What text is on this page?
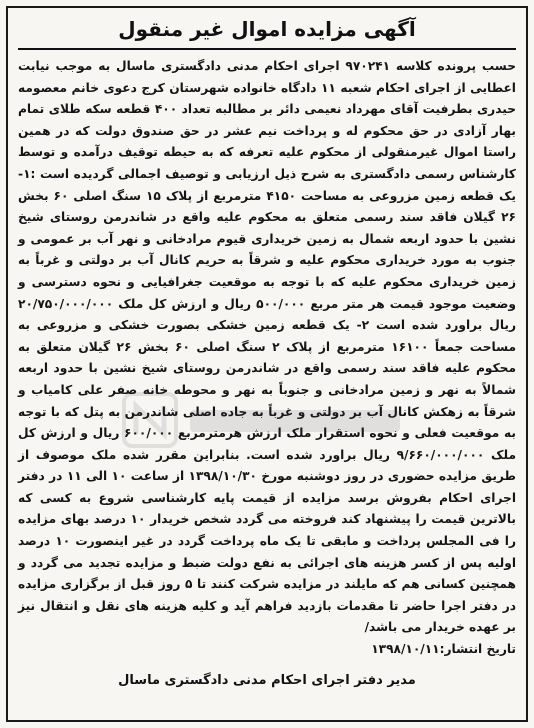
آگهی مزایده اموال غیر منقول

حسب پرونده کلاسه ۹۷۰۲۴۱ اجرای احکام مدنی دادگستری ماسال به موجب نیابت اعطایی از اجرای احکام شعبه ۱۱ دادگاه خانواده شهرستان کرج دعوی خانم معصومه حیدری بطرفیت آقای مهرداد نعیمی دائر بر مطالبه تعداد ۴۰۰ قطعه سکه طلای تمام بهار آزادی در حق محکوم له و پرداخت نیم عشر در حق صندوق دولت که در همین راستا اموال غیرمنقولی از محکوم علیه تعرفه که به حیطه توقیف درآمده و توسط کارشناس رسمی دادگستری به شرح ذیل ارزیابی و توصیف اجمالی گردیده است :۱- یک قطعه زمین مزروعی به مساحت ۴۱۵۰ مترمربع از پلاک ۱۵ سنگ اصلی ۶۰ بخش ۲۶ گیلان فاقد سند رسمی متعلق به محکوم علیه واقع در شاندرمن روستای شیخ نشین با حدود اربعه شمال به زمین خریداری قیوم مرادخانی و نهر آب بر عمومی و جنوب به مورد خریداری محکوم علیه و شرقاً به حریم کانال آب بر دولتی و غرباً به زمین خریداری محکوم علیه که با توجه به موقعیت جغرافیایی و نحوه دسترسی و وضعیت موجود قیمت هر متر مربع ۵۰۰/۰۰۰ ریال و ارزش کل ملک ۲۰/۷۵۰/۰۰۰/۰۰۰ ریال براورد شده است ۲- یک قطعه زمین خشکی بصورت خشکی و مزروعی به مساحت جمعاً ۱۶۱۰۰ مترمربع از پلاک ۲ سنگ اصلی ۶۰ بخش ۲۶ گیلان متعلق به محکوم علیه فاقد سند رسمی واقع در شاندرمن روستای شیخ نشین با حدود اربعه شمالاً به نهر و زمین مرادخانی و جنوباً به نهر و محوطه خانه صفر علی کامیاب و شرقاً به زهکش کانال آب بر دولتی و غرباً به جاده اصلی شاندرمن به پتل که با توجه به موقعیت فعلی و نحوه استقرار ملک ارزش هرمترمربع ۶۰۰/۰۰۰ ریال و ارزش کل ملک ۹/۶۶۰/۰۰۰/۰۰۰ ریال براورد شده است. بنابراین مقرر شده ملک موصوف از طریق مزایده حضوری در روز دوشنبه مورخ ۱۳۹۸/۱۰/۳۰ از ساعت ۱۰ الی ۱۱ در دفتر اجرای احکام بفروش برسد مزایده از قیمت پایه کارشناسی شروع به کسی که بالاترین قیمت را پیشنهاد کند فروخته می گردد شخص خریدار ۱۰ درصد بهای مزایده را فی المجلس پرداخت و مابقی تا یک ماه پرداخت گردد در غیر اینصورت ۱۰ درصد اولیه پس از کسر هزینه های اجرائی به نفع دولت ضبط و مزایده تجدید می گردد و همچنین کسانی هم که مایلند در مزایده شرکت کنند تا ۵ روز قبل از برگزاری مزایده در دفتر اجرا حاضر تا مقدمات بازدید فراهم آید و کلیه هزینه های نقل و انتقال نیز بر عهده خریدار می باشد/

تاریخ انتشار:۱۳۹۸/۱۰/۱۱

مدیر دفتر اجرای احکام مدنی دادگستری ماسال
